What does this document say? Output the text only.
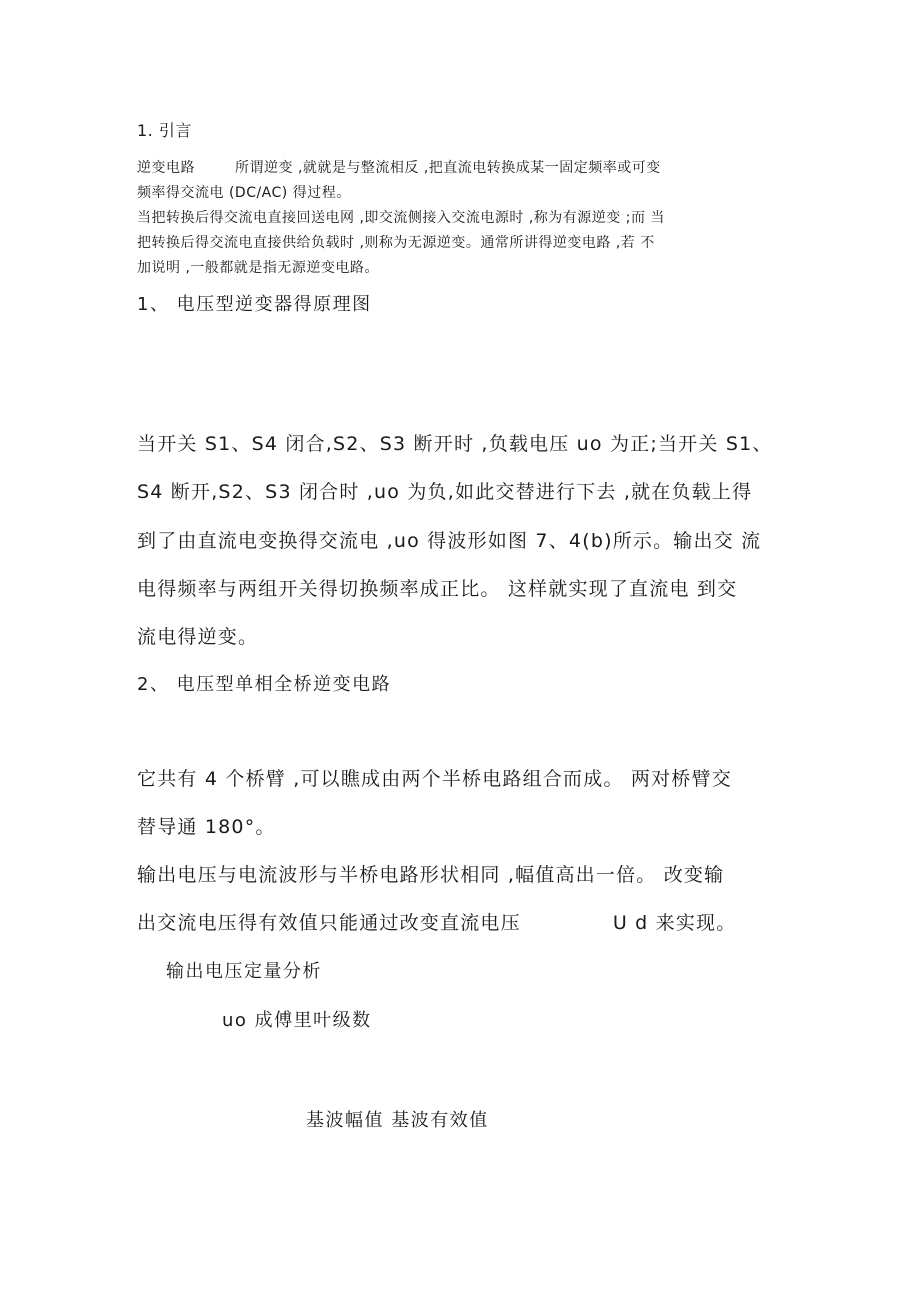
1. 引言
逆变电路	所谓逆变 ,就就是与整流相反 ,把直流电转换成某一固定频率或可变
频率得交流电 (DC/AC) 得过程。
当把转换后得交流电直接回送电网 ,即交流侧接入交流电源时 ,称为有源逆变 ;而 当
把转换后得交流电直接供给负载时 ,则称为无源逆变。通常所讲得逆变电路 ,若 不
加说明 ,一般都就是指无源逆变电路。
1、 电压型逆变器得原理图
当开关 S1、S4 闭合,S2、S3 断开时 ,负载电压 uo 为正;当开关 S1、
S4 断开,S2、S3 闭合时 ,uo 为负,如此交替进行下去 ,就在负载上得
到了由直流电变换得交流电 ,uo 得波形如图 7、4(b)所示。输出交 流
电得频率与两组开关得切换频率成正比。 这样就实现了直流电 到交
流电得逆变。
2、 电压型单相全桥逆变电路
它共有 4 个桥臂 ,可以瞧成由两个半桥电路组合而成。 两对桥臂交
替导通 180°。
输出电压与电流波形与半桥电路形状相同 ,幅值高出一倍。 改变输
出交流电压得有效值只能通过改变直流电压	U d 来实现。
输出电压定量分析
uo 成傅里叶级数
基波幅值 基波有效值
